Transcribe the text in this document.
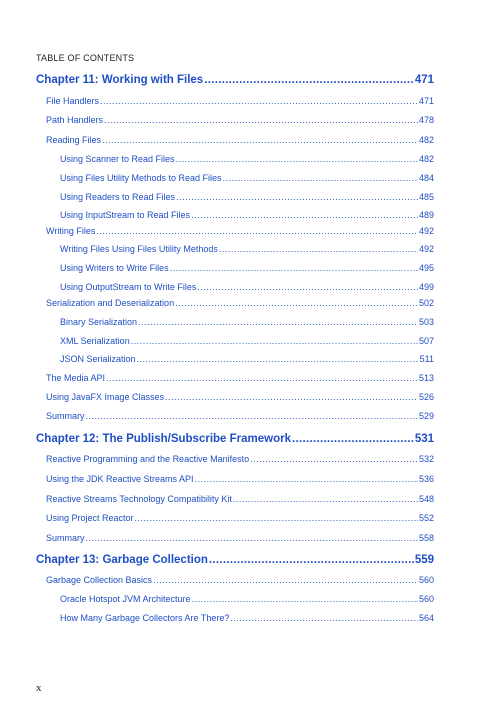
TABLE OF CONTENTS
Chapter 11: Working with Files .....	471
File Handlers .....	471
Path Handlers .....	478
Reading Files .....	482
Using Scanner to Read Files .....	482
Using Files Utility Methods to Read Files .....	484
Using Readers to Read Files .....	485
Using InputStream to Read Files .....	489
Writing Files .....	492
Writing Files Using Files Utility Methods .....	492
Using Writers to Write Files .....	495
Using OutputStream to Write Files .....	499
Serialization and Deserialization .....	502
Binary Serialization .....	503
XML Serialization .....	507
JSON Serialization .....	511
The Media API .....	513
Using JavaFX Image Classes .....	526
Summary .....	529
Chapter 12: The Publish/Subscribe Framework .....	531
Reactive Programming and the Reactive Manifesto .....	532
Using the JDK Reactive Streams API .....	536
Reactive Streams Technology Compatibility Kit .....	548
Using Project Reactor .....	552
Summary .....	558
Chapter 13: Garbage Collection .....	559
Garbage Collection Basics .....	560
Oracle Hotspot JVM Architecture .....	560
How Many Garbage Collectors Are There? .....	564
x
